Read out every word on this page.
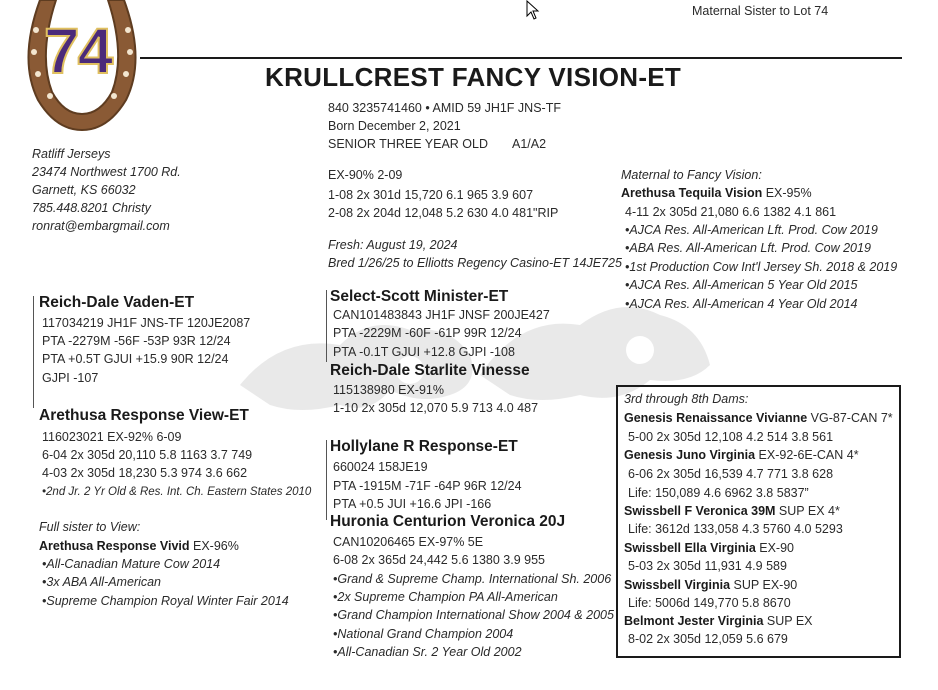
74
Maternal Sister to Lot 74
KRULLCREST FANCY VISION-ET
840 3235741460 • AMID 59 JH1F JNS-TF
Born December 2, 2021
SENIOR THREE YEAR OLD A1/A2
EX-90% 2-09
1-08 2x 301d 15,720 6.1 965 3.9 607
2-08 2x 204d 12,048 5.2 630 4.0 481"RIP
Fresh: August 19, 2024
Bred 1/26/25 to Elliotts Regency Casino-ET 14JE725
Ratliff Jerseys
23474 Northwest 1700 Rd.
Garnett, KS 66032
785.448.8201 Christy
ronrat@embargmail.com
Maternal to Fancy Vision:
Arethusa Tequila Vision EX-95%
4-11 2x 305d 21,080 6.6 1382 4.1 861
•AJCA Res. All-American Lft. Prod. Cow 2019
•ABA Res. All-American Lft. Prod. Cow 2019
•1st Production Cow Int'l Jersey Sh. 2018 & 2019
•AJCA Res. All-American 5 Year Old 2015
•AJCA Res. All-American 4 Year Old 2014
Reich-Dale Vaden-ET
117034219 JH1F JNS-TF 120JE2087
PTA -2279M -56F -53P 93R 12/24
PTA +0.5T GJUI +15.9 90R 12/24
GJPI -107
Arethusa Response View-ET
116023021 EX-92% 6-09
6-04 2x 305d 20,110 5.8 1163 3.7 749
4-03 2x 305d 18,230 5.3 974 3.6 662
•2nd Jr. 2 Yr Old & Res. Int. Ch. Eastern States 2010
Full sister to View:
Arethusa Response Vivid EX-96%
•All-Canadian Mature Cow 2014
•3x ABA All-American
•Supreme Champion Royal Winter Fair 2014
Select-Scott Minister-ET
CAN101483843 JH1F JNSF 200JE427
PTA -2229M -60F -61P 99R 12/24
PTA -0.1T GJUI +12.8 GJPI -108
Reich-Dale Starlite Vinesse
115138980 EX-91%
1-10 2x 305d 12,070 5.9 713 4.0 487
Hollylane R Response-ET
660024 158JE19
PTA -1915M -71F -64P 96R 12/24
PTA +0.5 JUI +16.6 JPI -166
Huronia Centurion Veronica 20J
CAN10206465 EX-97% 5E
6-08 2x 365d 24,442 5.6 1380 3.9 955
•Grand & Supreme Champ. International Sh. 2006
•2x Supreme Champion PA All-American
•Grand Champion International Show 2004 & 2005
•National Grand Champion 2004
•All-Canadian Sr. 2 Year Old 2002
3rd through 8th Dams:
Genesis Renaissance Vivianne VG-87-CAN 7*
5-00 2x 305d 12,108 4.2 514 3.8 561
Genesis Juno Virginia EX-92-6E-CAN 4*
6-06 2x 305d 16,539 4.7 771 3.8 628
Life: 150,089 4.6 6962 3.8 5837”
Swissbell F Veronica 39M SUP EX 4*
Life: 3612d 133,058 4.3 5760 4.0 5293
Swissbell Ella Virginia EX-90
5-03 2x 305d 11,931 4.9 589
Swissbell Virginia SUP EX-90
Life: 5006d 149,770 5.8 8670
Belmont Jester Virginia SUP EX
8-02 2x 305d 12,059 5.6 679
